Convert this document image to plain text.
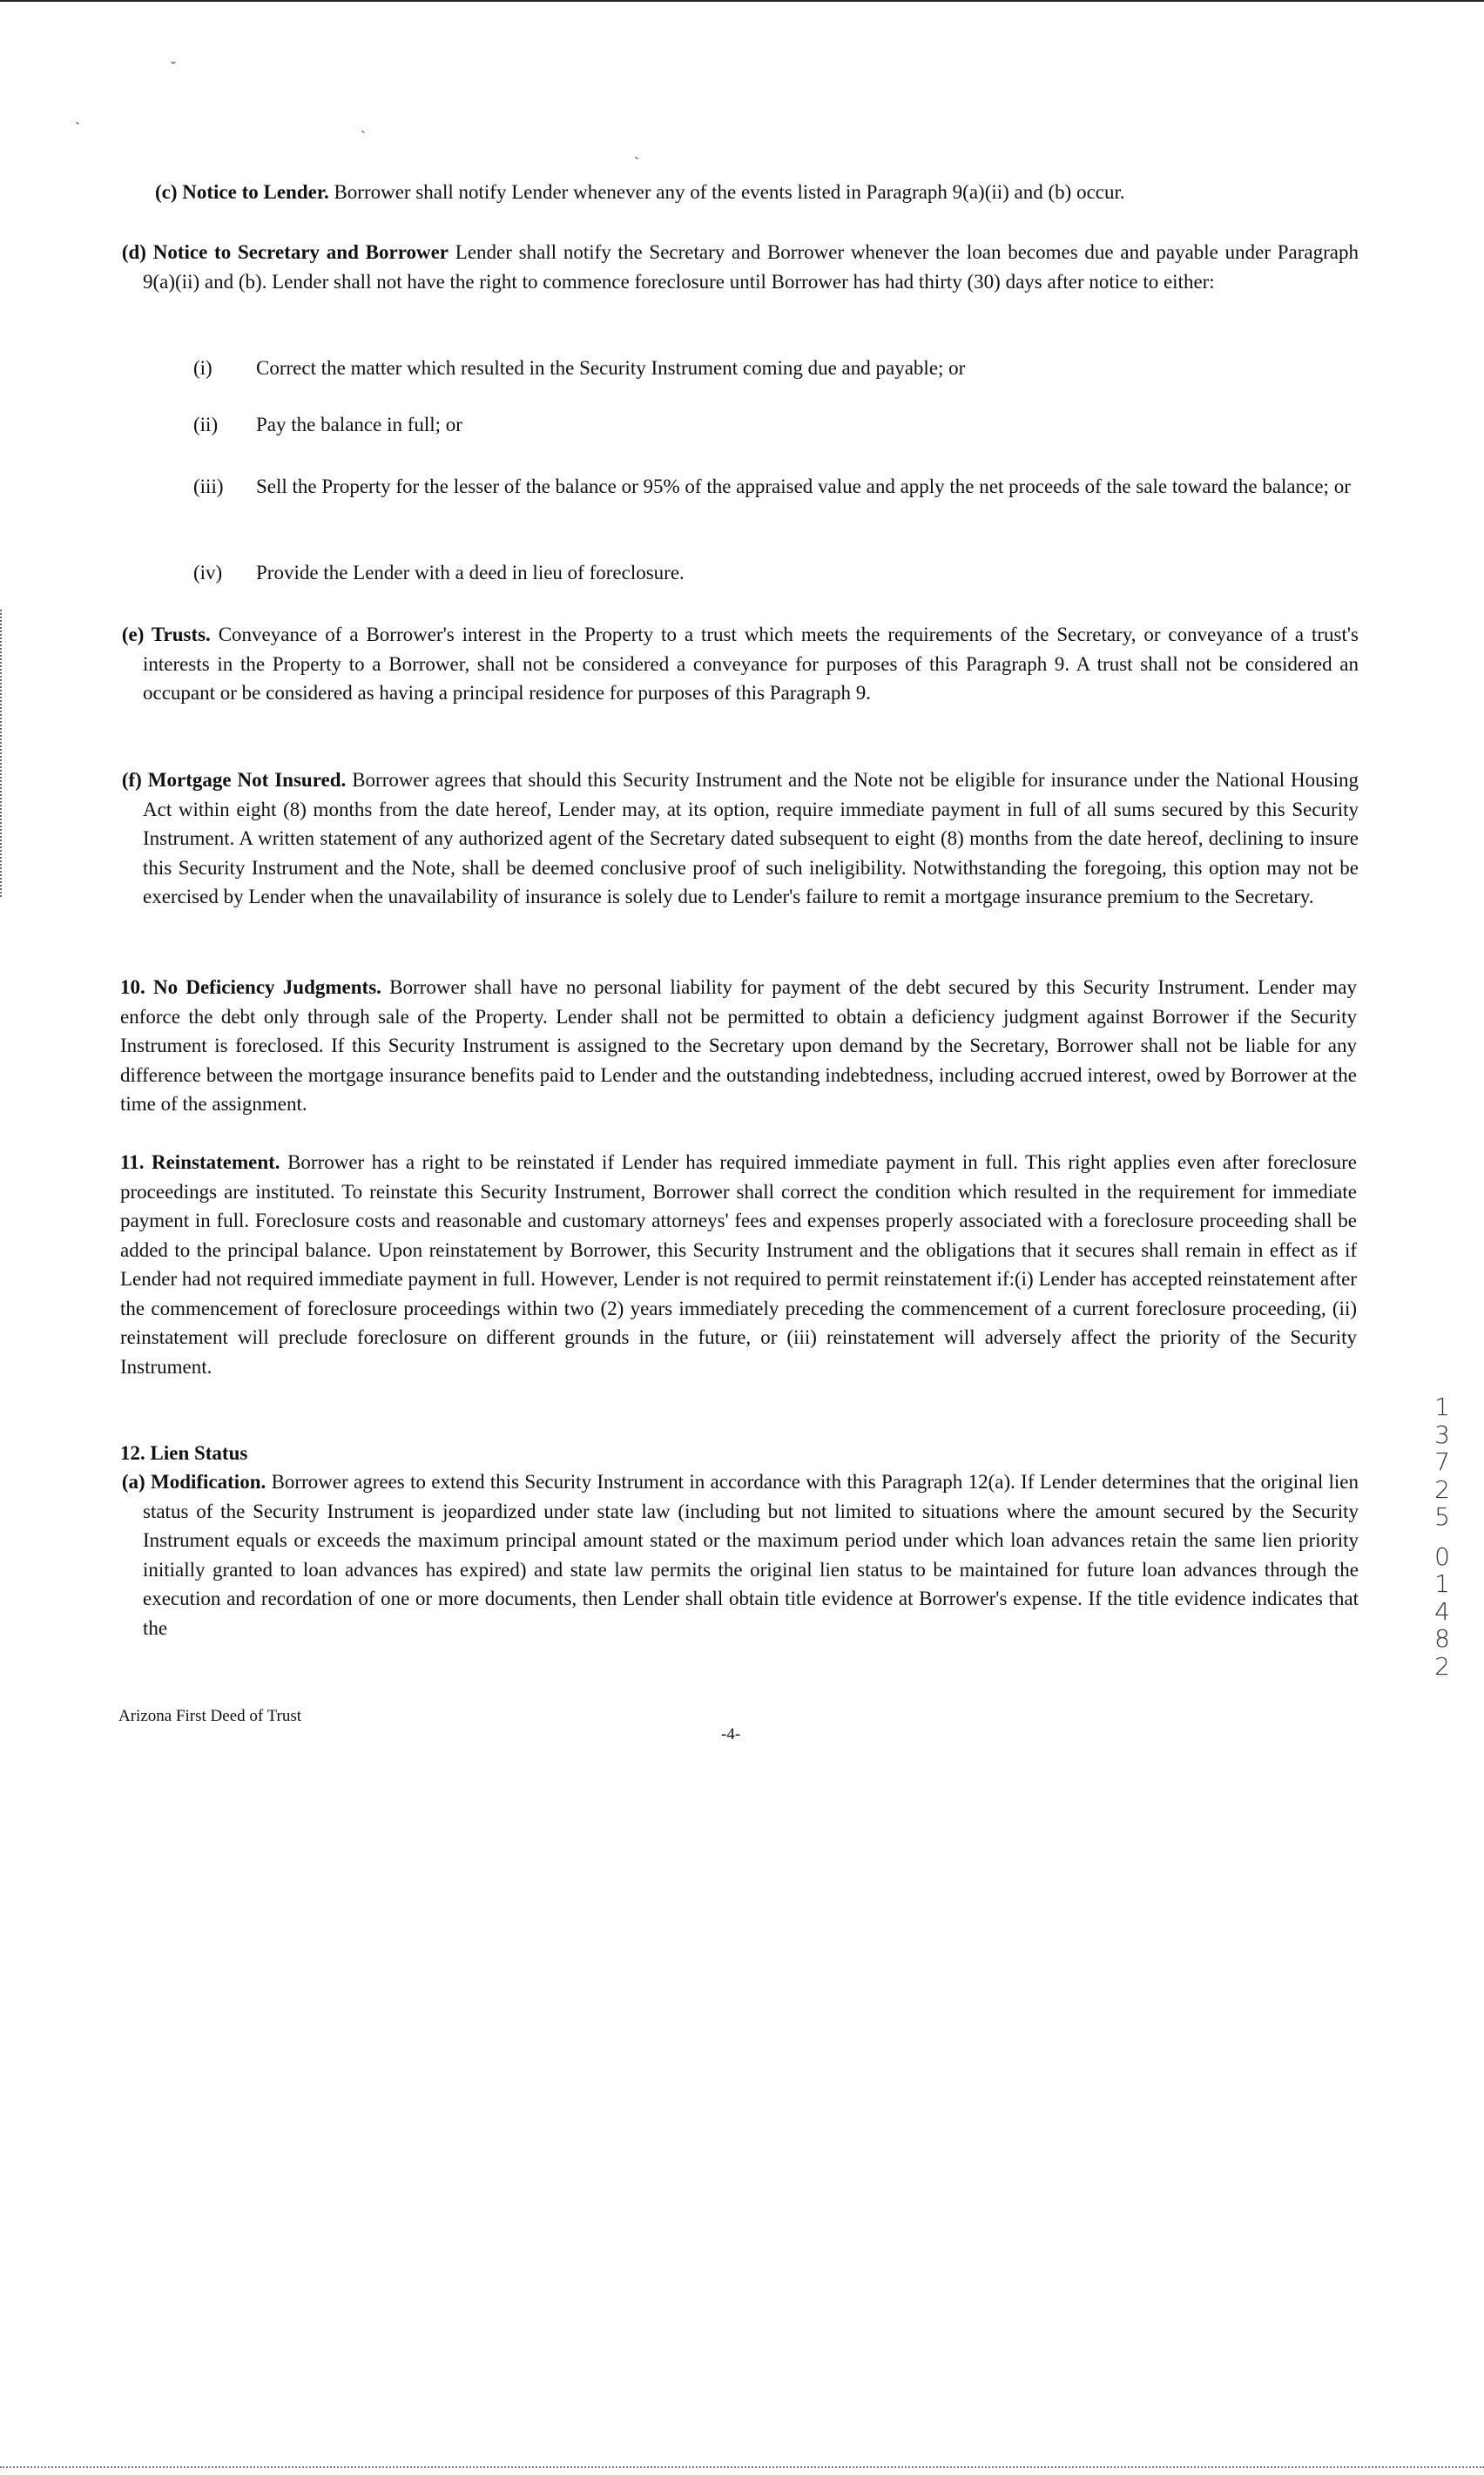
˘
ˋ	ˋ
ˋ
(c) Notice to Lender. Borrower shall notify Lender whenever any of the events listed in Paragraph 9(a)(ii) and (b) occur.
(d) Notice to Secretary and Borrower Lender shall notify the Secretary and Borrower whenever the loan becomes due and payable under Paragraph 9(a)(ii) and (b). Lender shall not have the right to commence foreclosure until Borrower has had thirty (30) days after notice to either:
(i) Correct the matter which resulted in the Security Instrument coming due and payable; or
(ii) Pay the balance in full; or
(iii) Sell the Property for the lesser of the balance or 95% of the appraised value and apply the net proceeds of the sale toward the balance; or
(iv) Provide the Lender with a deed in lieu of foreclosure.
(e) Trusts. Conveyance of a Borrower's interest in the Property to a trust which meets the requirements of the Secretary, or conveyance of a trust's interests in the Property to a Borrower, shall not be considered a conveyance for purposes of this Paragraph 9. A trust shall not be considered an occupant or be considered as having a principal residence for purposes of this Paragraph 9.
(f) Mortgage Not Insured. Borrower agrees that should this Security Instrument and the Note not be eligible for insurance under the National Housing Act within eight (8) months from the date hereof, Lender may, at its option, require immediate payment in full of all sums secured by this Security Instrument. A written statement of any authorized agent of the Secretary dated subsequent to eight (8) months from the date hereof, declining to insure this Security Instrument and the Note, shall be deemed conclusive proof of such ineligibility. Notwithstanding the foregoing, this option may not be exercised by Lender when the unavailability of insurance is solely due to Lender's failure to remit a mortgage insurance premium to the Secretary.
10. No Deficiency Judgments. Borrower shall have no personal liability for payment of the debt secured by this Security Instrument. Lender may enforce the debt only through sale of the Property. Lender shall not be permitted to obtain a deficiency judgment against Borrower if the Security Instrument is foreclosed. If this Security Instrument is assigned to the Secretary upon demand by the Secretary, Borrower shall not be liable for any difference between the mortgage insurance benefits paid to Lender and the outstanding indebtedness, including accrued interest, owed by Borrower at the time of the assignment.
11. Reinstatement. Borrower has a right to be reinstated if Lender has required immediate payment in full. This right applies even after foreclosure proceedings are instituted. To reinstate this Security Instrument, Borrower shall correct the condition which resulted in the requirement for immediate payment in full. Foreclosure costs and reasonable and customary attorneys' fees and expenses properly associated with a foreclosure proceeding shall be added to the principal balance. Upon reinstatement by Borrower, this Security Instrument and the obligations that it secures shall remain in effect as if Lender had not required immediate payment in full. However, Lender is not required to permit reinstatement if:(i) Lender has accepted reinstatement after the commencement of foreclosure proceedings within two (2) years immediately preceding the commencement of a current foreclosure proceeding, (ii) reinstatement will preclude foreclosure on different grounds in the future, or (iii) reinstatement will adversely affect the priority of the Security Instrument.
12. Lien Status
(a) Modification. Borrower agrees to extend this Security Instrument in accordance with this Paragraph 12(a). If Lender determines that the original lien status of the Security Instrument is jeopardized under state law (including but not limited to situations where the amount secured by the Security Instrument equals or exceeds the maximum principal amount stated or the maximum period under which loan advances retain the same lien priority initially granted to loan advances has expired) and state law permits the original lien status to be maintained for future loan advances through the execution and recordation of one or more documents, then Lender shall obtain title evidence at Borrower's expense. If the title evidence indicates that the
Arizona First Deed of Trust
-4-
1
3
7
2
5
0
1
4
8
2
